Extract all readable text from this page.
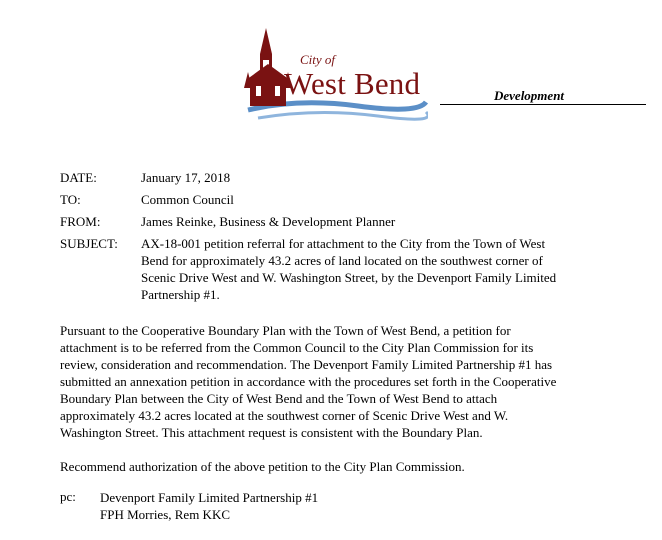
City of
West Bend	Development
DATE:	January 17, 2018
TO:	Common Council
FROM:	James Reinke, Business & Development Planner
SUBJECT:	AX-18-001 petition referral for attachment to the City from the Town of West
Bend for approximately 43.2 acres of land located on the southwest corner of
Scenic Drive West and W. Washington Street, by the Devenport Family Limited
Partnership #1.
Pursuant to the Cooperative Boundary Plan with the Town of West Bend, a petition for
attachment is to be referred from the Common Council to the City Plan Commission for its
review, consideration and recommendation. The Devenport Family Limited Partnership #1 has
submitted an annexation petition in accordance with the procedures set forth in the Cooperative
Boundary Plan between the City of West Bend and the Town of West Bend to attach
approximately 43.2 acres located at the southwest corner of Scenic Drive West and W.
Washington Street. This attachment request is consistent with the Boundary Plan.
Recommend authorization of the above petition to the City Plan Commission.
pc: Devenport Family Limited Partnership #1
FPH Morries, Rem KKC
